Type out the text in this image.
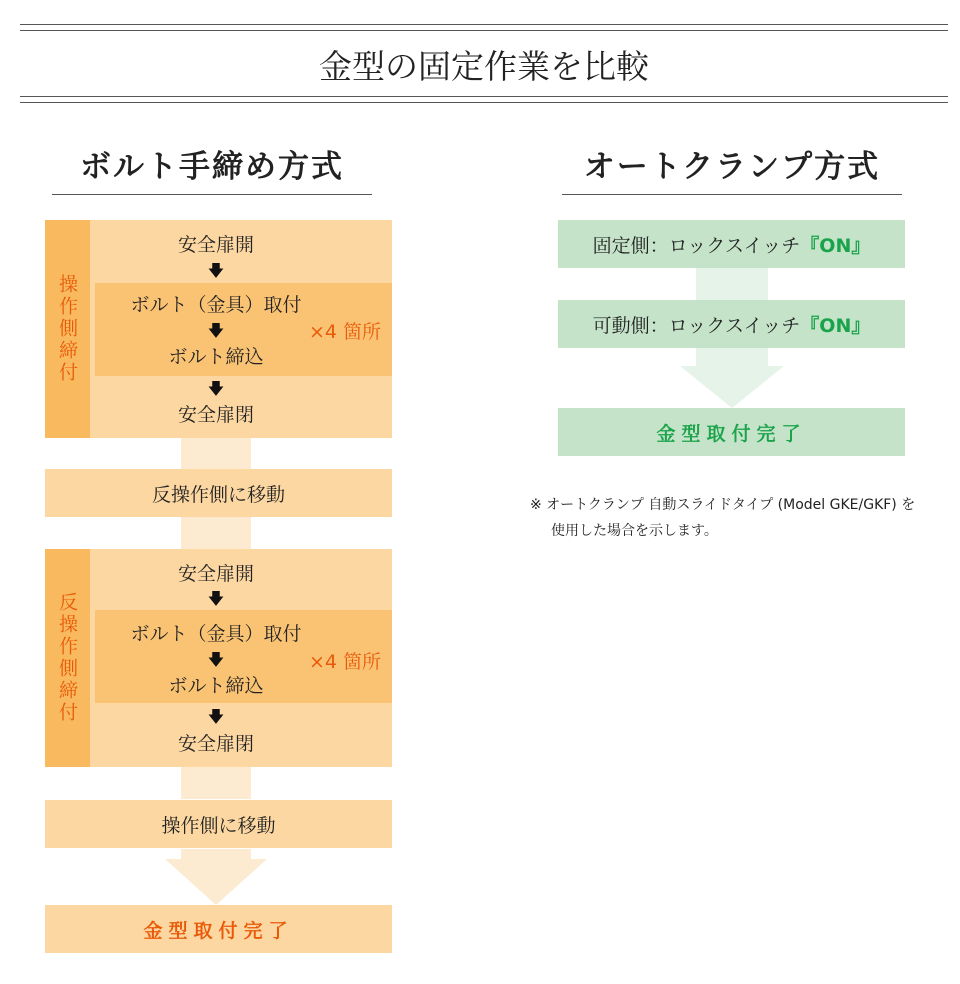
金型の固定作業を比較
ボルト手締め方式
操作側締付
安全扉開
🡇
ボルト（金具）取付
🡇
ボルト締込
×4 箇所
🡇
安全扉閉
反操作側に移動
反操作側締付
安全扉開
🡇
ボルト（金具）取付
🡇
ボルト締込
×4 箇所
🡇
安全扉閉
操作側に移動
金型取付完了
オートクランプ方式
固定側：ロックスイッチ 『ON』
可動側：ロックスイッチ 『ON』
金型取付完了
※ オートクランプ 自動スライドタイプ (Model GKE/GKF) を
使用した場合を示します。
